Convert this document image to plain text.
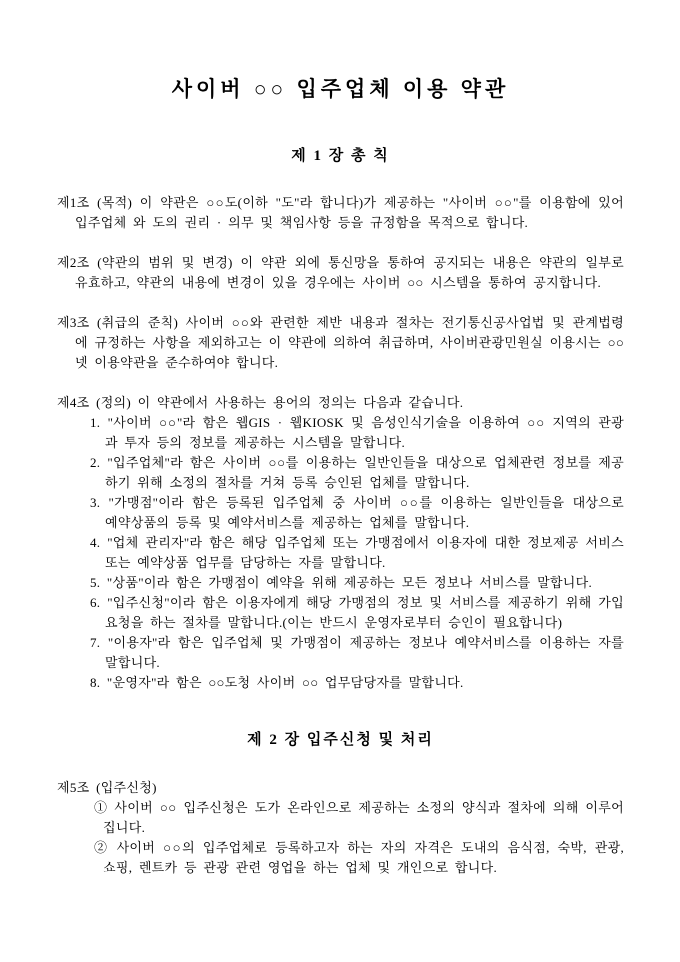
사이버 ○○ 입주업체 이용 약관
제 1 장 총 칙

제1조 (목적) 이 약관은 ○○도(이하 "도"라 합니다)가 제공하는 "사이버 ○○"를 이용함에 있어 입주업체 와 도의 권리 · 의무 및 책임사항 등을 규정함을 목적으로 합니다.

제2조 (약관의 범위 및 변경) 이 약관 외에 통신망을 통하여 공지되는 내용은 약관의 일부로 유효하고, 약관의 내용에 변경이 있을 경우에는 사이버 ○○ 시스템을 통하여 공지합니다.

제3조 (취급의 준칙) 사이버 ○○와 관련한 제반 내용과 절차는 전기통신공사업법 및 관계법령에 규정하는 사항을 제외하고는 이 약관에 의하여 취급하며, 사이버관광민원실 이용시는 ○○넷 이용약관을 준수하여야 합니다.

제4조 (정의) 이 약관에서 사용하는 용어의 정의는 다음과 같습니다.

1. "사이버 ○○"라 함은 웹GIS · 웹KIOSK 및 음성인식기술을 이용하여 ○○ 지역의 관광과 투자 등의 정보를 제공하는 시스템을 말합니다.

2. "입주업체"라 함은 사이버 ○○를 이용하는 일반인들을 대상으로 업체관련 정보를 제공하기 위해 소정의 절차를 거쳐 등록 승인된 업체를 말합니다.

3. "가맹점"이라 함은 등록된 입주업체 중 사이버 ○○를 이용하는 일반인들을 대상으로 예약상품의 등록 및 예약서비스를 제공하는 업체를 말합니다.

4. "업체 관리자"라 함은 해당 입주업체 또는 가맹점에서 이용자에 대한 정보제공 서비스 또는 예약상품 업무를 담당하는 자를 말합니다.

5. "상품"이라 함은 가맹점이 예약을 위해 제공하는 모든 정보나 서비스를 말합니다.

6. "입주신청"이라 함은 이용자에게 해당 가맹점의 정보 및 서비스를 제공하기 위해 가입 요청을 하는 절차를 말합니다.(이는 반드시 운영자로부터 승인이 필요합니다)

7. "이용자"라 함은 입주업체 및 가맹점이 제공하는 정보나 예약서비스를 이용하는 자를 말합니다.

8. "운영자"라 함은 ○○도청 사이버 ○○ 업무담당자를 말합니다.

제 2 장 입주신청 및 처리

제5조 (입주신청)

① 사이버 ○○ 입주신청은 도가 온라인으로 제공하는 소정의 양식과 절차에 의해 이루어집니다.

② 사이버 ○○의 입주업체로 등록하고자 하는 자의 자격은 도내의 음식점, 숙박, 관광, 쇼핑, 렌트카 등 관광 관련 영업을 하는 업체 및 개인으로 합니다.
